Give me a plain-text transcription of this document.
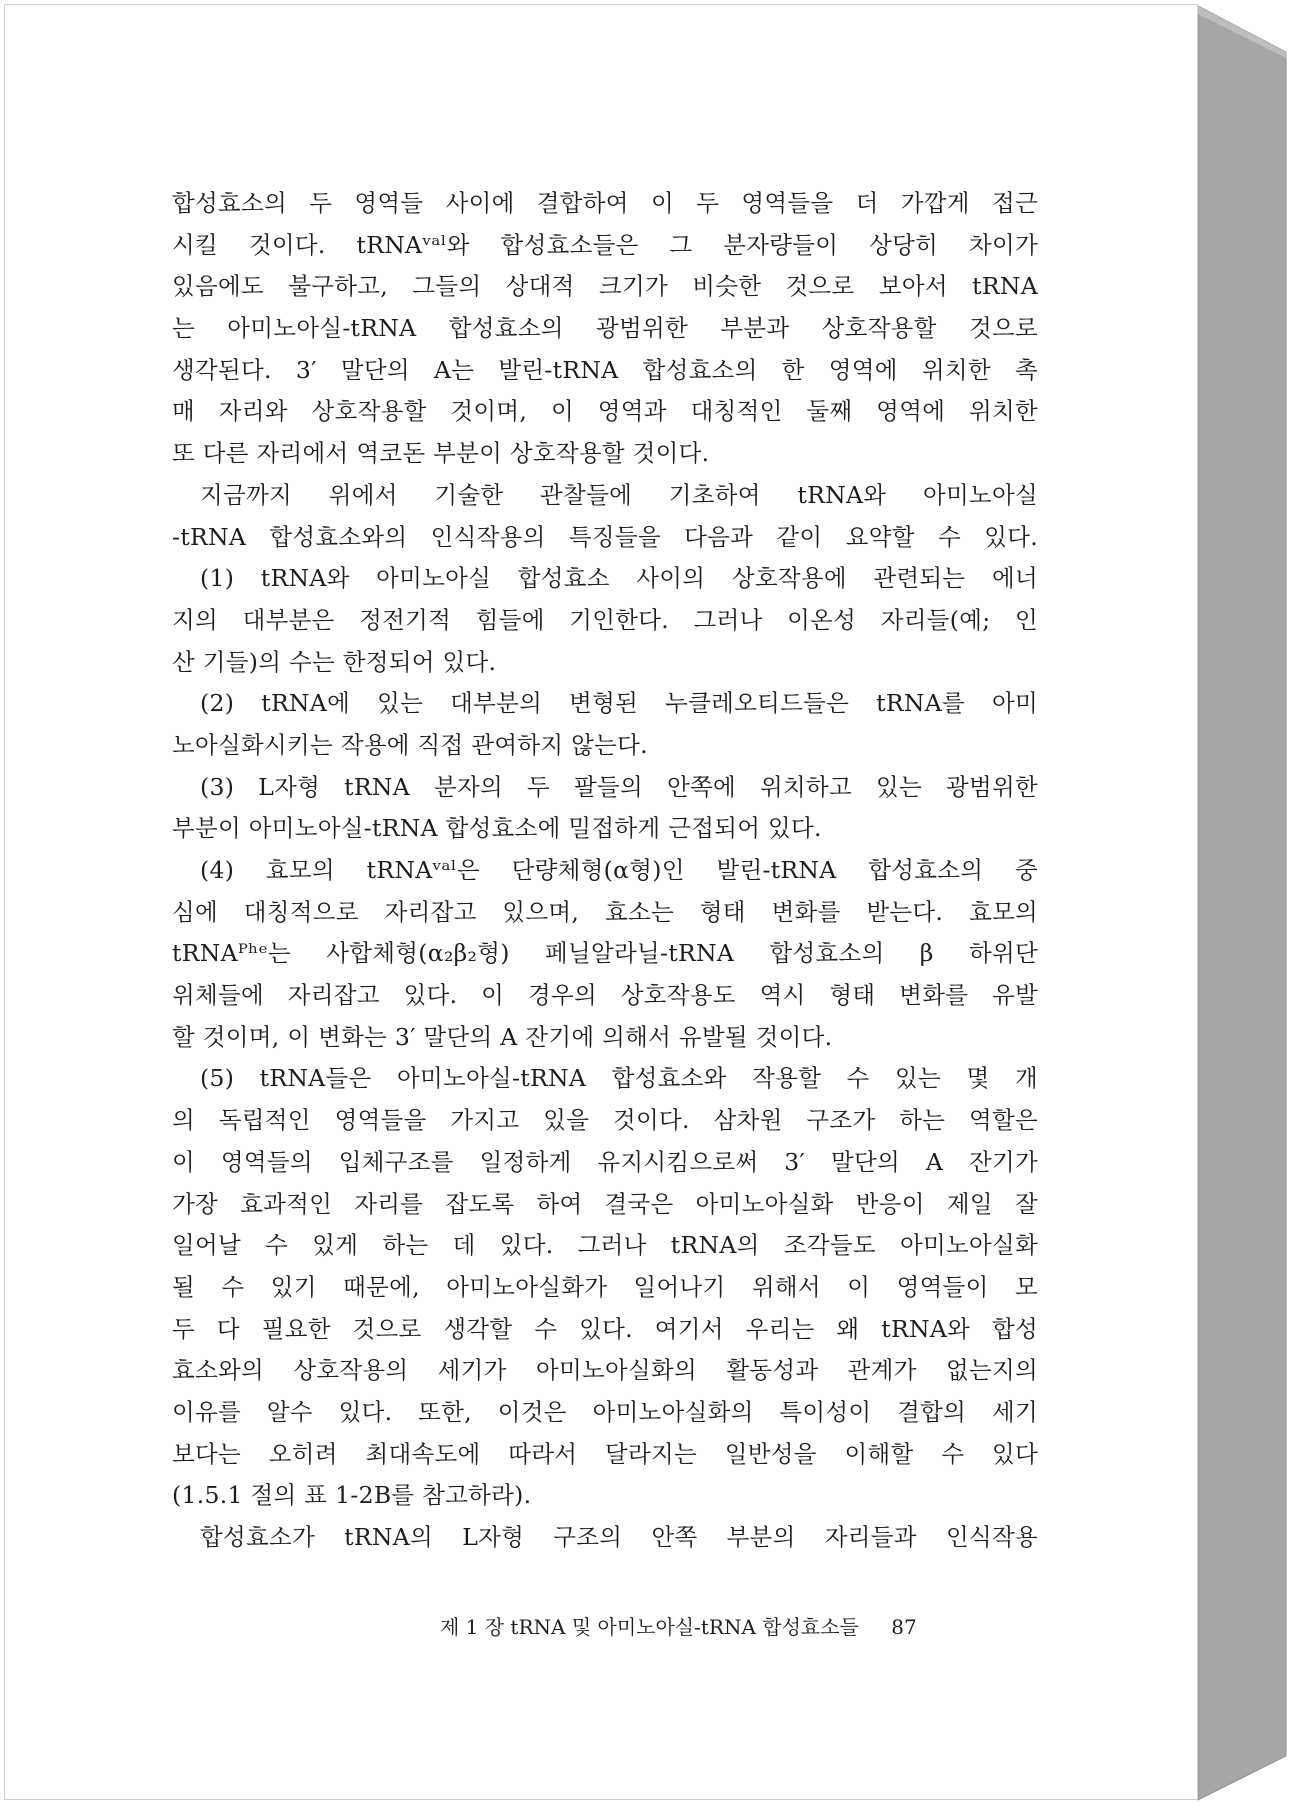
합성효소의 두 영역들 사이에 결합하여 이 두 영역들을 더 가깝게 접근
시킬 것이다. tRNAᵛᵃˡ와 합성효소들은 그 분자량들이 상당히 차이가
있음에도 불구하고, 그들의 상대적 크기가 비슷한 것으로 보아서 tRNA
는 아미노아실-tRNA 합성효소의 광범위한 부분과 상호작용할 것으로
생각된다. 3′ 말단의 A는 발린-tRNA 합성효소의 한 영역에 위치한 촉
매 자리와 상호작용할 것이며, 이 영역과 대칭적인 둘째 영역에 위치한
또 다른 자리에서 역코돈 부분이 상호작용할 것이다.
지금까지 위에서 기술한 관찰들에 기초하여 tRNA와 아미노아실
-tRNA 합성효소와의 인식작용의 특징들을 다음과 같이 요약할 수 있다.
(1) tRNA와 아미노아실 합성효소 사이의 상호작용에 관련되는 에너
지의 대부분은 정전기적 힘들에 기인한다. 그러나 이온성 자리들(예; 인
산 기들)의 수는 한정되어 있다.
(2) tRNA에 있는 대부분의 변형된 누클레오티드들은 tRNA를 아미
노아실화시키는 작용에 직접 관여하지 않는다.
(3) L자형 tRNA 분자의 두 팔들의 안쪽에 위치하고 있는 광범위한
부분이 아미노아실-tRNA 합성효소에 밀접하게 근접되어 있다.
(4) 효모의 tRNAᵛᵃˡ은 단량체형(α형)인 발린-tRNA 합성효소의 중
심에 대칭적으로 자리잡고 있으며, 효소는 형태 변화를 받는다. 효모의
tRNAᴾʰᵉ는 사합체형(α₂β₂형) 페닐알라닐-tRNA 합성효소의 β 하위단
위체들에 자리잡고 있다. 이 경우의 상호작용도 역시 형태 변화를 유발
할 것이며, 이 변화는 3′ 말단의 A 잔기에 의해서 유발될 것이다.
(5) tRNA들은 아미노아실-tRNA 합성효소와 작용할 수 있는 몇 개
의 독립적인 영역들을 가지고 있을 것이다. 삼차원 구조가 하는 역할은
이 영역들의 입체구조를 일정하게 유지시킴으로써 3′ 말단의 A 잔기가
가장 효과적인 자리를 잡도록 하여 결국은 아미노아실화 반응이 제일 잘
일어날 수 있게 하는 데 있다. 그러나 tRNA의 조각들도 아미노아실화
될 수 있기 때문에, 아미노아실화가 일어나기 위해서 이 영역들이 모
두 다 필요한 것으로 생각할 수 있다. 여기서 우리는 왜 tRNA와 합성
효소와의 상호작용의 세기가 아미노아실화의 활동성과 관계가 없는지의
이유를 알수 있다. 또한, 이것은 아미노아실화의 특이성이 결합의 세기
보다는 오히려 최대속도에 따라서 달라지는 일반성을 이해할 수 있다
(1.5.1 절의 표 1-2B를 참고하라).
합성효소가 tRNA의 L자형 구조의 안쪽 부분의 자리들과 인식작용
제 1 장 tRNA 및 아미노아실-tRNA 합성효소들 87
